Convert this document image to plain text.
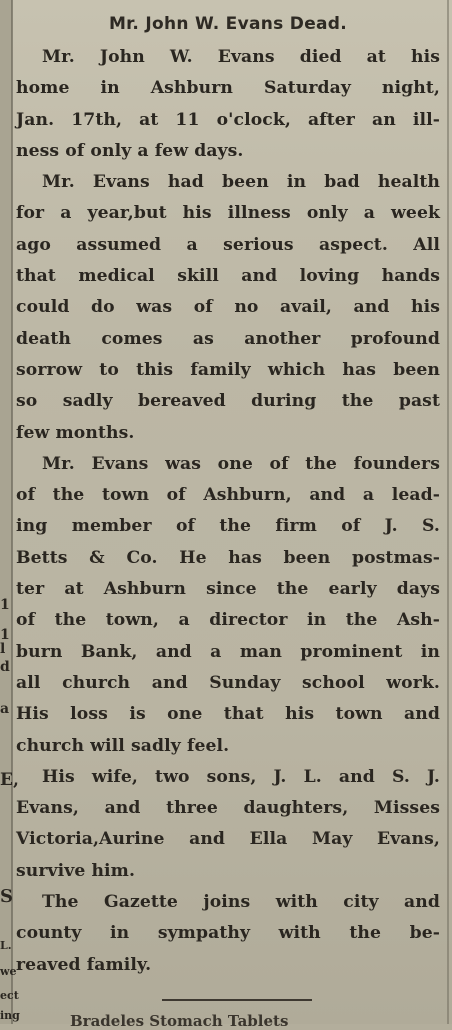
1
1
l
d
a
E,
S
L.
we
ect
ing
Mr. John W. Evans Dead.

Mr. John W. Evans died at his
home in Ashburn Saturday night,
Jan. 17th, at 11 o'clock, after an ill-
ness of only a few days.

Mr. Evans had been in bad health
for a year,but his illness only a week
ago assumed a serious aspect. All
that medical skill and loving hands
could do was of no avail, and his
death comes as another profound
sorrow to this family which has been
so sadly bereaved during the past
few months.

Mr. Evans was one of the founders
of the town of Ashburn, and a lead-
ing member of the firm of J. S.
Betts & Co. He has been postmas-
ter at Ashburn since the early days
of the town, a director in the Ash-
burn Bank, and a man prominent in
all church and Sunday school work.
His loss is one that his town and
church will sadly feel.

His wife, two sons, J. L. and S. J.
Evans, and three daughters, Misses
Victoria,Aurine and Ella May Evans,
survive him.

The Gazette joins with city and
county in sympathy with the be-
reaved family.

Bradeles Stomach Tablets
